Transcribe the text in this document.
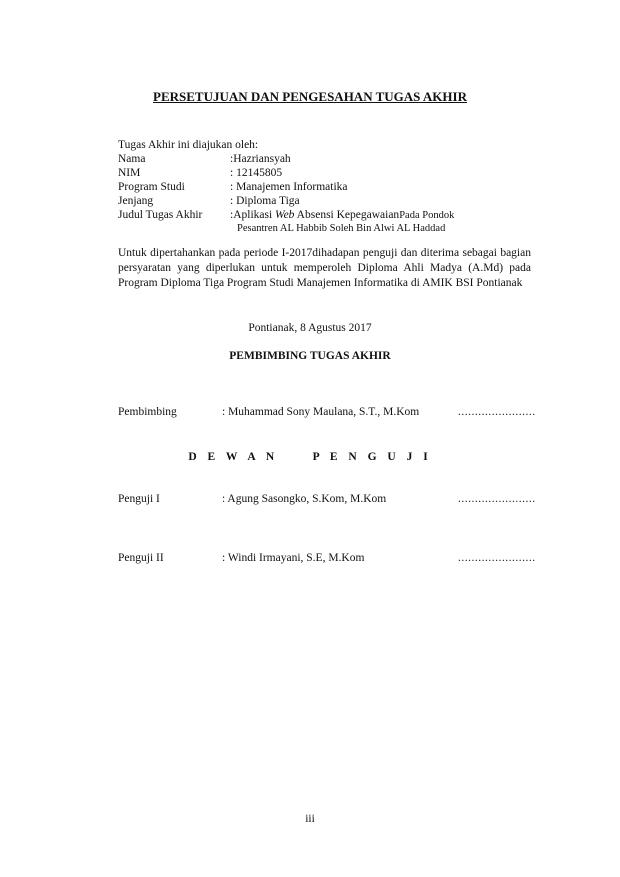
PERSETUJUAN DAN PENGESAHAN TUGAS AKHIR
Tugas Akhir ini diajukan oleh:
Nama	:Hazriansyah
NIM	: 12145805
Program Studi	: Manajemen Informatika
Jenjang	: Diploma Tiga
Judul Tugas Akhir :Aplikasi Web Absensi KepegawaianPada Pondok
Pesantren AL Habbib Soleh Bin Alwi AL Haddad
Untuk dipertahankan pada periode I-2017dihadapan penguji dan diterima sebagai bagian persyaratan yang diperlukan untuk memperoleh Diploma Ahli Madya (A.Md) pada Program Diploma Tiga Program Studi Manajemen Informatika di AMIK BSI Pontianak
Pontianak, 8 Agustus 2017
PEMBIMBING TUGAS AKHIR
Pembimbing	: Muhammad Sony Maulana, S.T., M.Kom	.......................
D E W A N     P E N G U J I
Penguji I	: Agung Sasongko, S.Kom, M.Kom	.......................
Penguji II	: Windi Irmayani, S.E, M.Kom	.......................
iii
